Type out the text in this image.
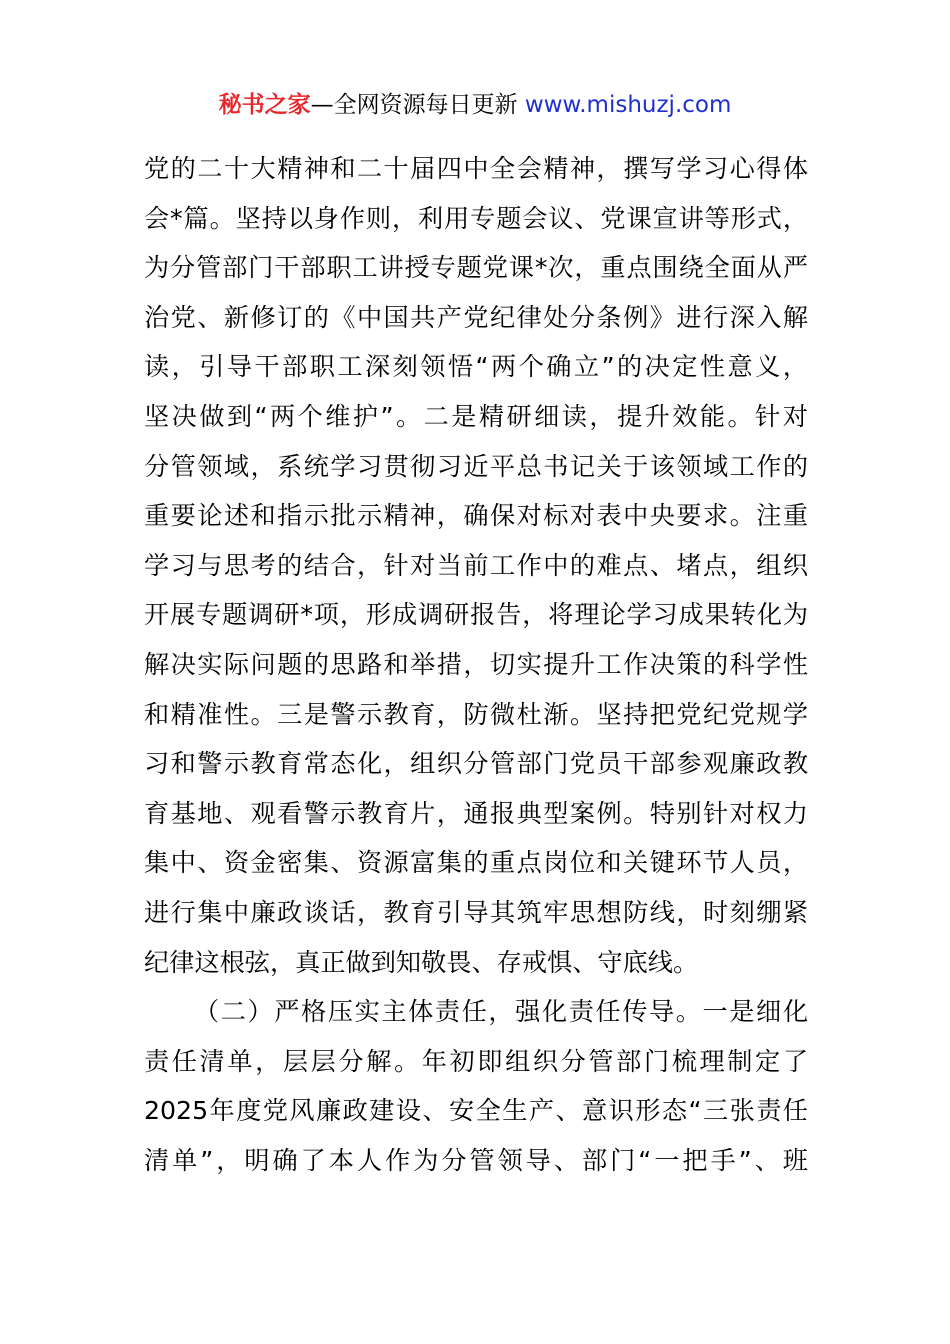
秘书之家—全网资源每日更新 www.mishuzj.com
党的二十大精神和二十届四中全会精神，撰写学习心得体
会*篇。坚持以身作则，利用专题会议、党课宣讲等形式，
为分管部门干部职工讲授专题党课*次，重点围绕全面从严
治党、新修订的《中国共产党纪律处分条例》进行深入解
读，引导干部职工深刻领悟“两个确立”的决定性意义，
坚决做到“两个维护”。二是精研细读，提升效能。针对
分管领域，系统学习贯彻习近平总书记关于该领域工作的
重要论述和指示批示精神，确保对标对表中央要求。注重
学习与思考的结合，针对当前工作中的难点、堵点，组织
开展专题调研*项，形成调研报告，将理论学习成果转化为
解决实际问题的思路和举措，切实提升工作决策的科学性
和精准性。三是警示教育，防微杜渐。坚持把党纪党规学
习和警示教育常态化，组织分管部门党员干部参观廉政教
育基地、观看警示教育片，通报典型案例。特别针对权力
集中、资金密集、资源富集的重点岗位和关键环节人员，
进行集中廉政谈话，教育引导其筑牢思想防线，时刻绷紧
纪律这根弦，真正做到知敬畏、存戒惧、守底线。
（二）严格压实主体责任，强化责任传导。一是细化
责任清单，层层分解。年初即组织分管部门梳理制定了
2025年度党风廉政建设、安全生产、意识形态“三张责任
清单”，明确了本人作为分管领导、部门“一把手”、班
